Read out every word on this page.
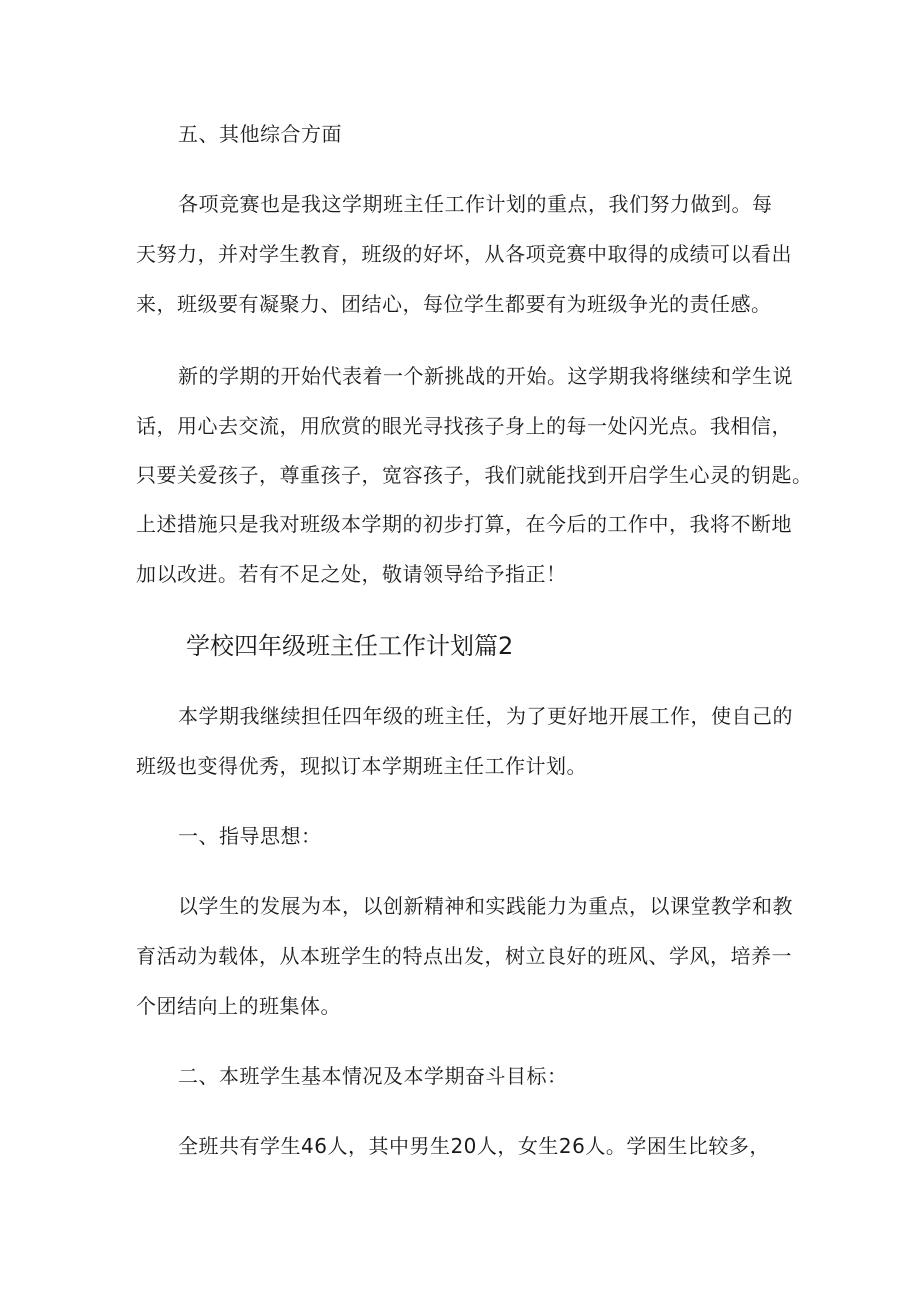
五、其他综合方面
各项竞赛也是我这学期班主任工作计划的重点，我们努力做到。每
天努力，并对学生教育，班级的好坏，从各项竞赛中取得的成绩可以看出
来，班级要有凝聚力、团结心，每位学生都要有为班级争光的责任感。
新的学期的开始代表着一个新挑战的开始。这学期我将继续和学生说
话，用心去交流，用欣赏的眼光寻找孩子身上的每一处闪光点。我相信，
只要关爱孩子，尊重孩子，宽容孩子，我们就能找到开启学生心灵的钥匙。
上述措施只是我对班级本学期的初步打算，在今后的工作中，我将不断地
加以改进。若有不足之处，敬请领导给予指正！
学校四年级班主任工作计划篇2
本学期我继续担任四年级的班主任，为了更好地开展工作，使自己的
班级也变得优秀，现拟订本学期班主任工作计划。
一、指导思想：
以学生的发展为本，以创新精神和实践能力为重点，以课堂教学和教
育活动为载体，从本班学生的特点出发，树立良好的班风、学风，培养一
个团结向上的班集体。
二、本班学生基本情况及本学期奋斗目标：
全班共有学生46人，其中男生20人，女生26人。学困生比较多，
